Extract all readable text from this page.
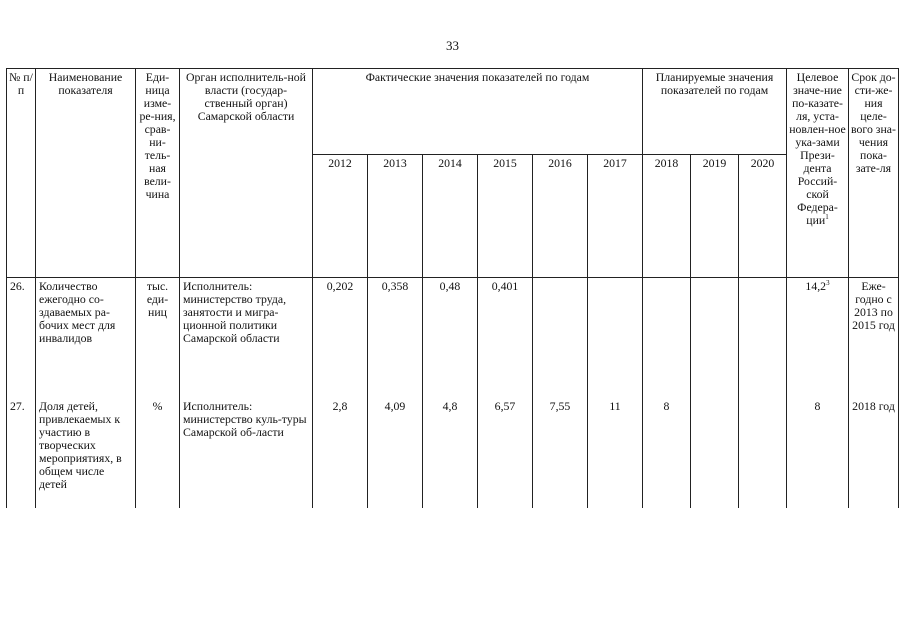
33
№ п/п	Наименование показателя	Еди-ница изме-ре-ния, срав-ни-тель-ная вели-чина	Орган исполнитель-ной власти (государ-ственный орган) Самарской области	Фактические значения показателей по годам						Планируемые значения показателей по годам			Целевое значе-ние по-казате-ля, уста-новлен-ное ука-зами Прези-дента Россий-ской Федера-ции$^1$	Срок до-сти-же-ния целе-вого зна-чения пока-зате-ля
				2012	2013	2014	2015	2016	2017	2018	2019	2020		
26.	Количество ежегодно со-здаваемых ра-бочих мест для инвалидов	тыс. еди-ниц	Исполнитель: министерство труда, занятости и мигра-ционной политики Самарской области	0,202	0,358	0,48	0,401						14,2$^3$	Еже-годно с 2013 по 2015 год
27.	Доля детей, привлекаемых к участию в творческих мероприятиях, в общем числе детей	%	Исполнитель: министерство куль-туры Самарской об-ласти	2,8	4,09	4,8	6,57	7,55	11	8			8	2018 год
